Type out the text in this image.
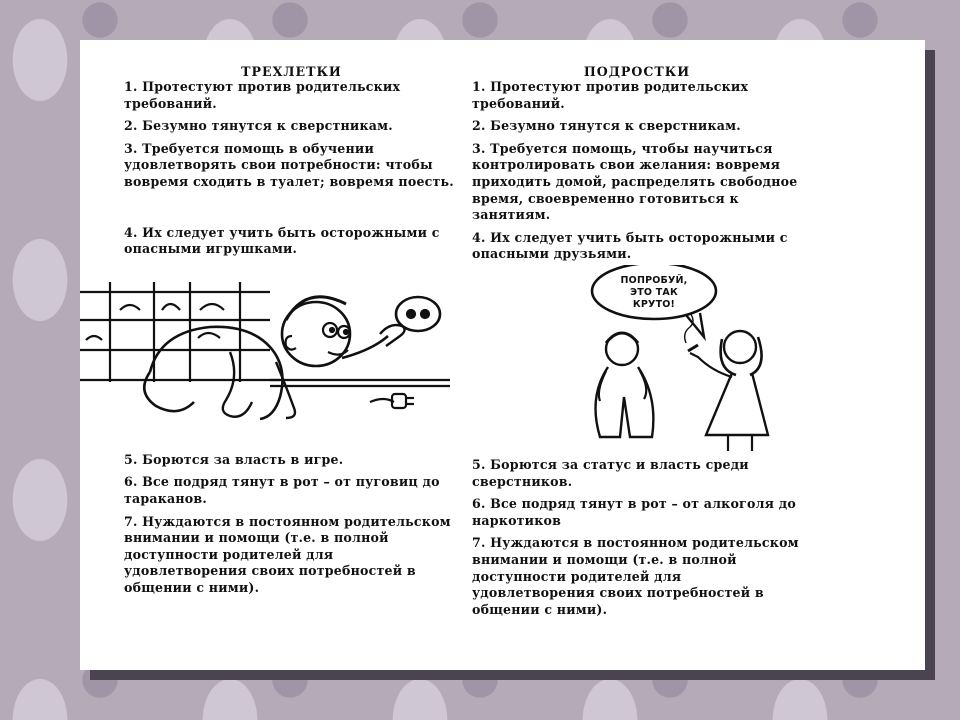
ТРЕХЛЕТКИ

1. Протестуют против родительских требований.

2. Безумно тянутся к сверстникам.

3. Требуется помощь в обучении удовлетворять свои потребности: чтобы вовремя сходить в туалет; вовремя поесть.

4. Их следует учить быть осторожными с опасными игрушками.

5. Борются за власть в игре.

6. Все подряд тянут в рот – от пуговиц до тараканов.

7. Нуждаются в постоянном родительском внимании и помощи (т.е. в полной доступности родителей для удовлетворения своих потребностей в общении с ними).

ПОДРОСТКИ

1. Протестуют против родительских требований.

2. Безумно тянутся к сверстникам.

3. Требуется помощь, чтобы научиться контролировать свои желания: вовремя приходить домой, распределять свободное время, своевременно готовиться к занятиям.

4. Их следует учить быть осторожными с опасными друзьями.

ПОПРОБУЙ,
ЭТО ТАК
КРУТО!

5. Борются за статус и власть среди сверстников.

6. Все подряд тянут в рот – от алкоголя до наркотиков

7. Нуждаются в постоянном родительском внимании и помощи (т.е. в полной доступности родителей для удовлетворения своих потребностей в общении с ними).
